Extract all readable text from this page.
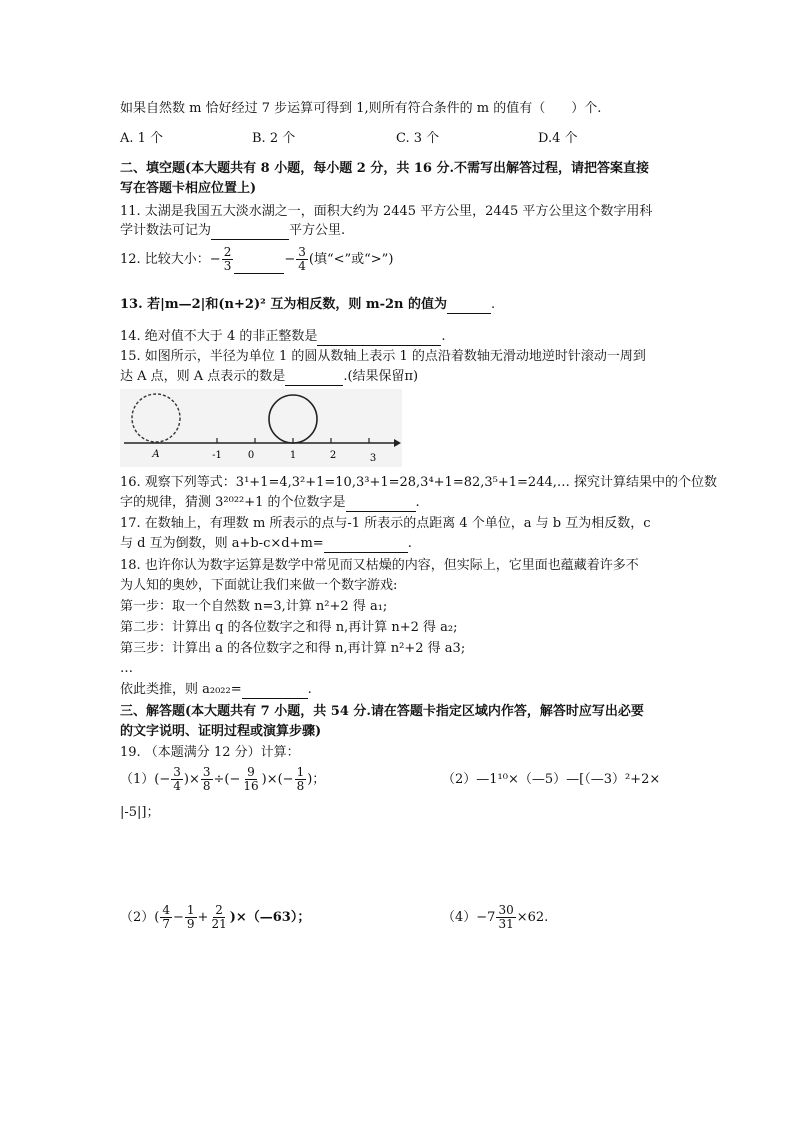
如果自然数 m 恰好经过 7 步运算可得到 1,则所有符合条件的 m 的值有（　　）个.
A. 1 个	B. 2 个	C. 3 个	D.4 个
二、填空题(本大题共有 8 小题，每小题 2 分，共 16 分.不需写出解答过程，请把答案直接
写在答题卡相应位置上)
11. 太湖是我国五大淡水湖之一，面积大约为 2445 平方公里，2445 平方公里这个数字用科
学计数法可记为	平方公里.
12. 比较大小：− $\frac{2}{3}$	− $\frac{3}{4}$ (填“<”或“>”)
13. 若|m—2|和(n+2)² 互为相反数，则 m-2n 的值为	.
14. 绝对值不大于 4 的非正整数是	.
15. 如图所示，半径为单位 1 的圆从数轴上表示 1 的点沿着数轴无滑动地逆时针滚动一周到
达 A 点，则 A 点表示的数是	.(结果保留π)
A	-1	0	1	2	3
16. 观察下列等式：3¹+1=4,3²+1=10,3³+1=28,3⁴+1=82,3⁵+1=244,… 探究计算结果中的个位数
字的规律，猜测 3²⁰²²+1 的个位数字是	.
17. 在数轴上，有理数 m 所表示的点与-1 所表示的点距离 4 个单位，a 与 b 互为相反数，c
与 d 互为倒数，则 a+b-c×d+m=	.
18. 也许你认为数字运算是数学中常见而又枯燥的内容，但实际上，它里面也蕴藏着许多不
为人知的奥妙，下面就让我们来做一个数字游戏:
第一步：取一个自然数 n=3,计算 n²+2 得 a₁;
第二步：计算出 q 的各位数字之和得 n,再计算 n+2 得 a₂;
第三步：计算出 a 的各位数字之和得 n,再计算 n²+2 得 a3;
…
依此类推，则 a₂₀₂₂=	.
三、解答题(本大题共有 7 小题，共 54 分.请在答题卡指定区域内作答，解答时应写出必要
的文字说明、证明过程或演算步骤)
19. （本题满分 12 分）计算：
$(1)(- \frac{3}{4}$ )× $\frac{3}{8}$ ÷(− $\frac{9}{16}$ )×(− $\frac{1}{8}$ )；	（2）—1¹⁰×（—5）—[（—3）²+2×
|-5|]；
$(2)( \frac{4}{7} - \frac{1}{9} + \frac{2}{21}$ )×（—63）；	$(4)-7 \frac{30}{31} \times 62$.
